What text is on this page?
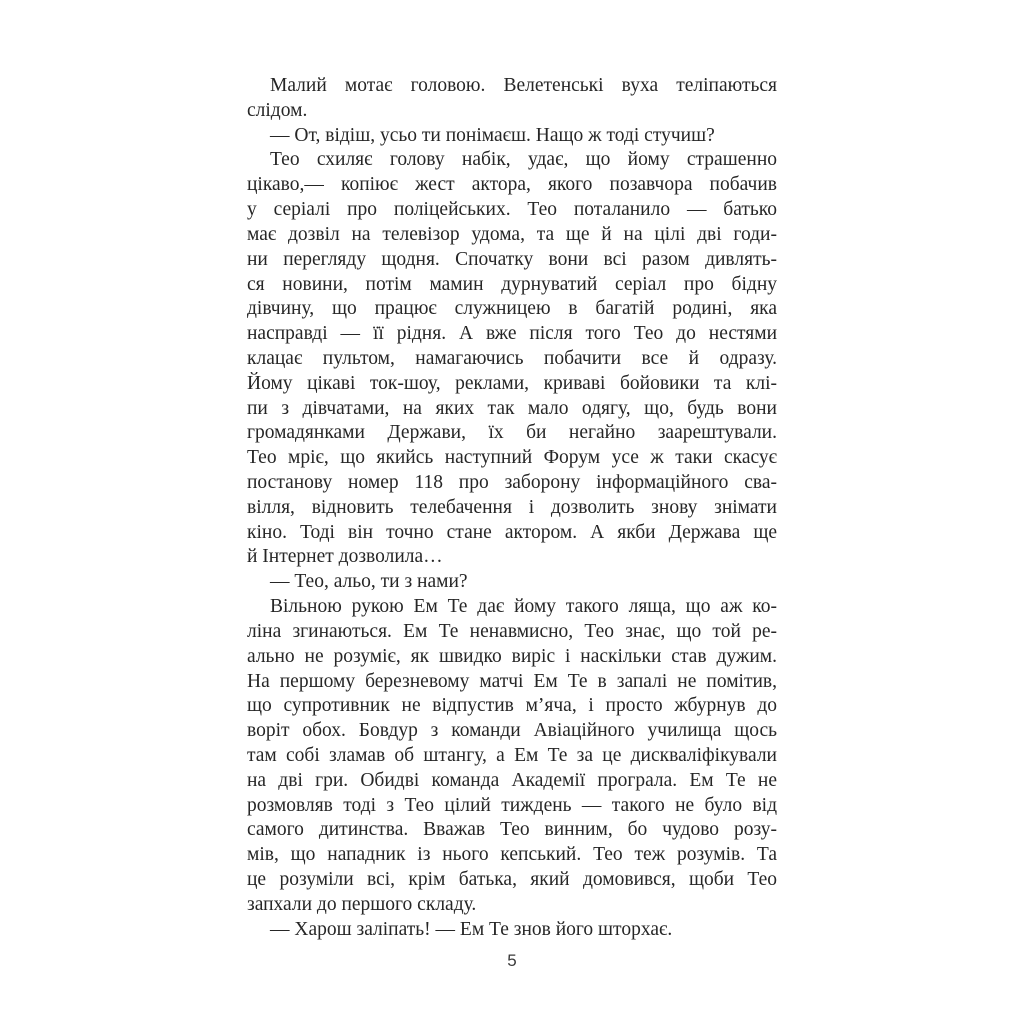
Малий мотає головою. Велетенські вуха теліпаються

слідом.

— От, відіш, усьо ти понімаєш. Нащо ж тоді стучиш?

Тео схиляє голову набік, удає, що йому страшенно

цікаво,— копіює жест актора, якого позавчора побачив

у серіалі про поліцейських. Тео поталанило — батько

має дозвіл на телевізор удома, та ще й на цілі дві годи-

ни перегляду щодня. Спочатку вони всі разом дивлять-

ся новини, потім мамин дурнуватий серіал про бідну

дівчину, що працює служницею в багатій родині, яка

насправді — її рідня. А вже після того Тео до нестями

клацає пультом, намагаючись побачити все й одразу.

Йому цікаві ток-шоу, реклами, криваві бойовики та клі-

пи з дівчатами, на яких так мало одягу, що, будь вони

громадянками Держави, їх би негайно заарештували.

Тео мріє, що якийсь наступний Форум усе ж таки скасує

постанову номер 118 про заборону інформаційного сва-

вілля, відновить телебачення і дозволить знову знімати

кіно. Тоді він точно стане актором. А якби Держава ще

й Інтернет дозволила…

— Тео, альо, ти з нами?

Вільною рукою Ем Те дає йому такого ляща, що аж ко-

ліна згинаються. Ем Те ненавмисно, Тео знає, що той ре-

ально не розуміє, як швидко виріс і наскільки став дужим.

На першому березневому матчі Ем Те в запалі не помітив,

що супротивник не відпустив м’яча, і просто жбурнув до

воріт обох. Бовдур з команди Авіаційного училища щось

там собі зламав об штангу, а Ем Те за це дискваліфікували

на дві гри. Обидві команда Академії програла. Ем Те не

розмовляв тоді з Тео цілий тиждень — такого не було від

самого дитинства. Вважав Тео винним, бо чудово розу-

мів, що нападник із нього кепський. Тео теж розумів. Та

це розуміли всі, крім батька, який домовився, щоби Тео

запхали до першого складу.

— Харош заліпать! — Ем Те знов його шторхає.

5
